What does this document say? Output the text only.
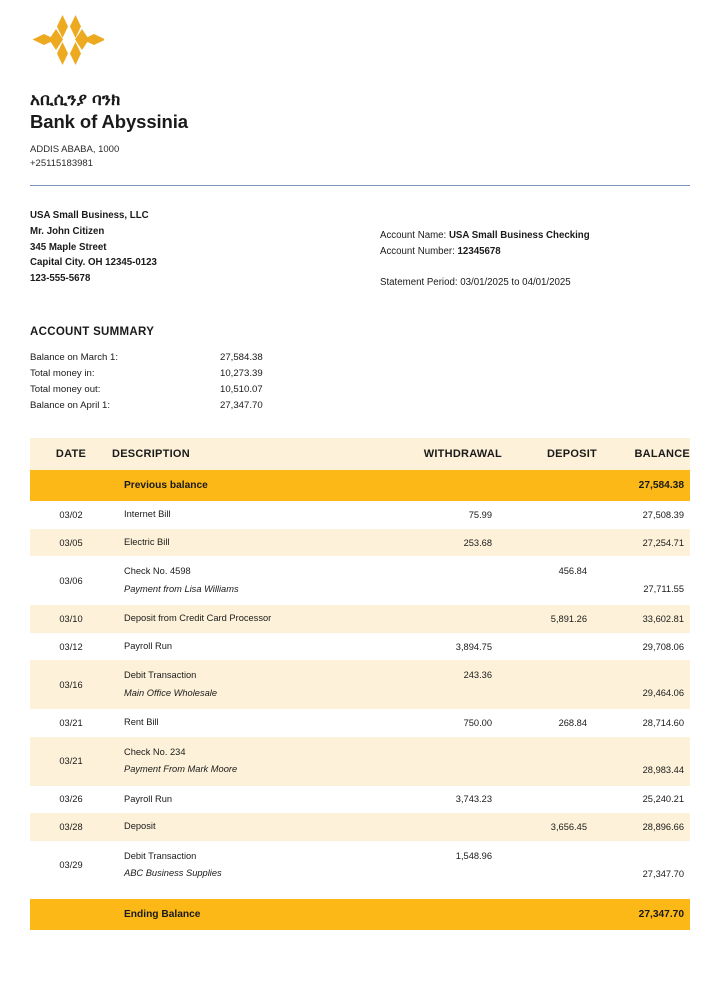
አቢሲንያ ባንክ
Bank of Abyssinia
ADDIS ABABA, 1000
+25115183981
USA Small Business, LLC
Mr. John Citizen
345 Maple Street
Capital City. OH 12345-0123
123-555-5678
Account Name: USA Small Business Checking
Account Number: 12345678
Statement Period: 03/01/2025 to 04/01/2025
ACCOUNT SUMMARY
Balance on March 1:	27,584.38
Total money in:	10,273.39
Total money out:	10,510.07
Balance on April 1:	27,347.70
DATE	DESCRIPTION	WITHDRAWAL	DEPOSIT	BALANCE
	Previous balance			27,584.38
03/02	Internet Bill	75.99		27,508.39
03/05	Electric Bill	253.68		27,254.71
03/06	Check No. 4598
Payment from Lisa Williams		456.84	27,711.55
03/10	Deposit from Credit Card Processor		5,891.26	33,602.81
03/12	Payroll Run	3,894.75		29,708.06
03/16	Debit Transaction
Main Office Wholesale	243.36		29,464.06
03/21	Rent Bill	750.00	268.84	28,714.60
03/21	Check No. 234
Payment From Mark Moore			28,983.44
03/26	Payroll Run	3,743.23		25,240.21
03/28	Deposit		3,656.45	28,896.66
03/29	Debit Transaction
ABC Business Supplies	1,548.96		27,347.70

	Ending Balance			27,347.70
